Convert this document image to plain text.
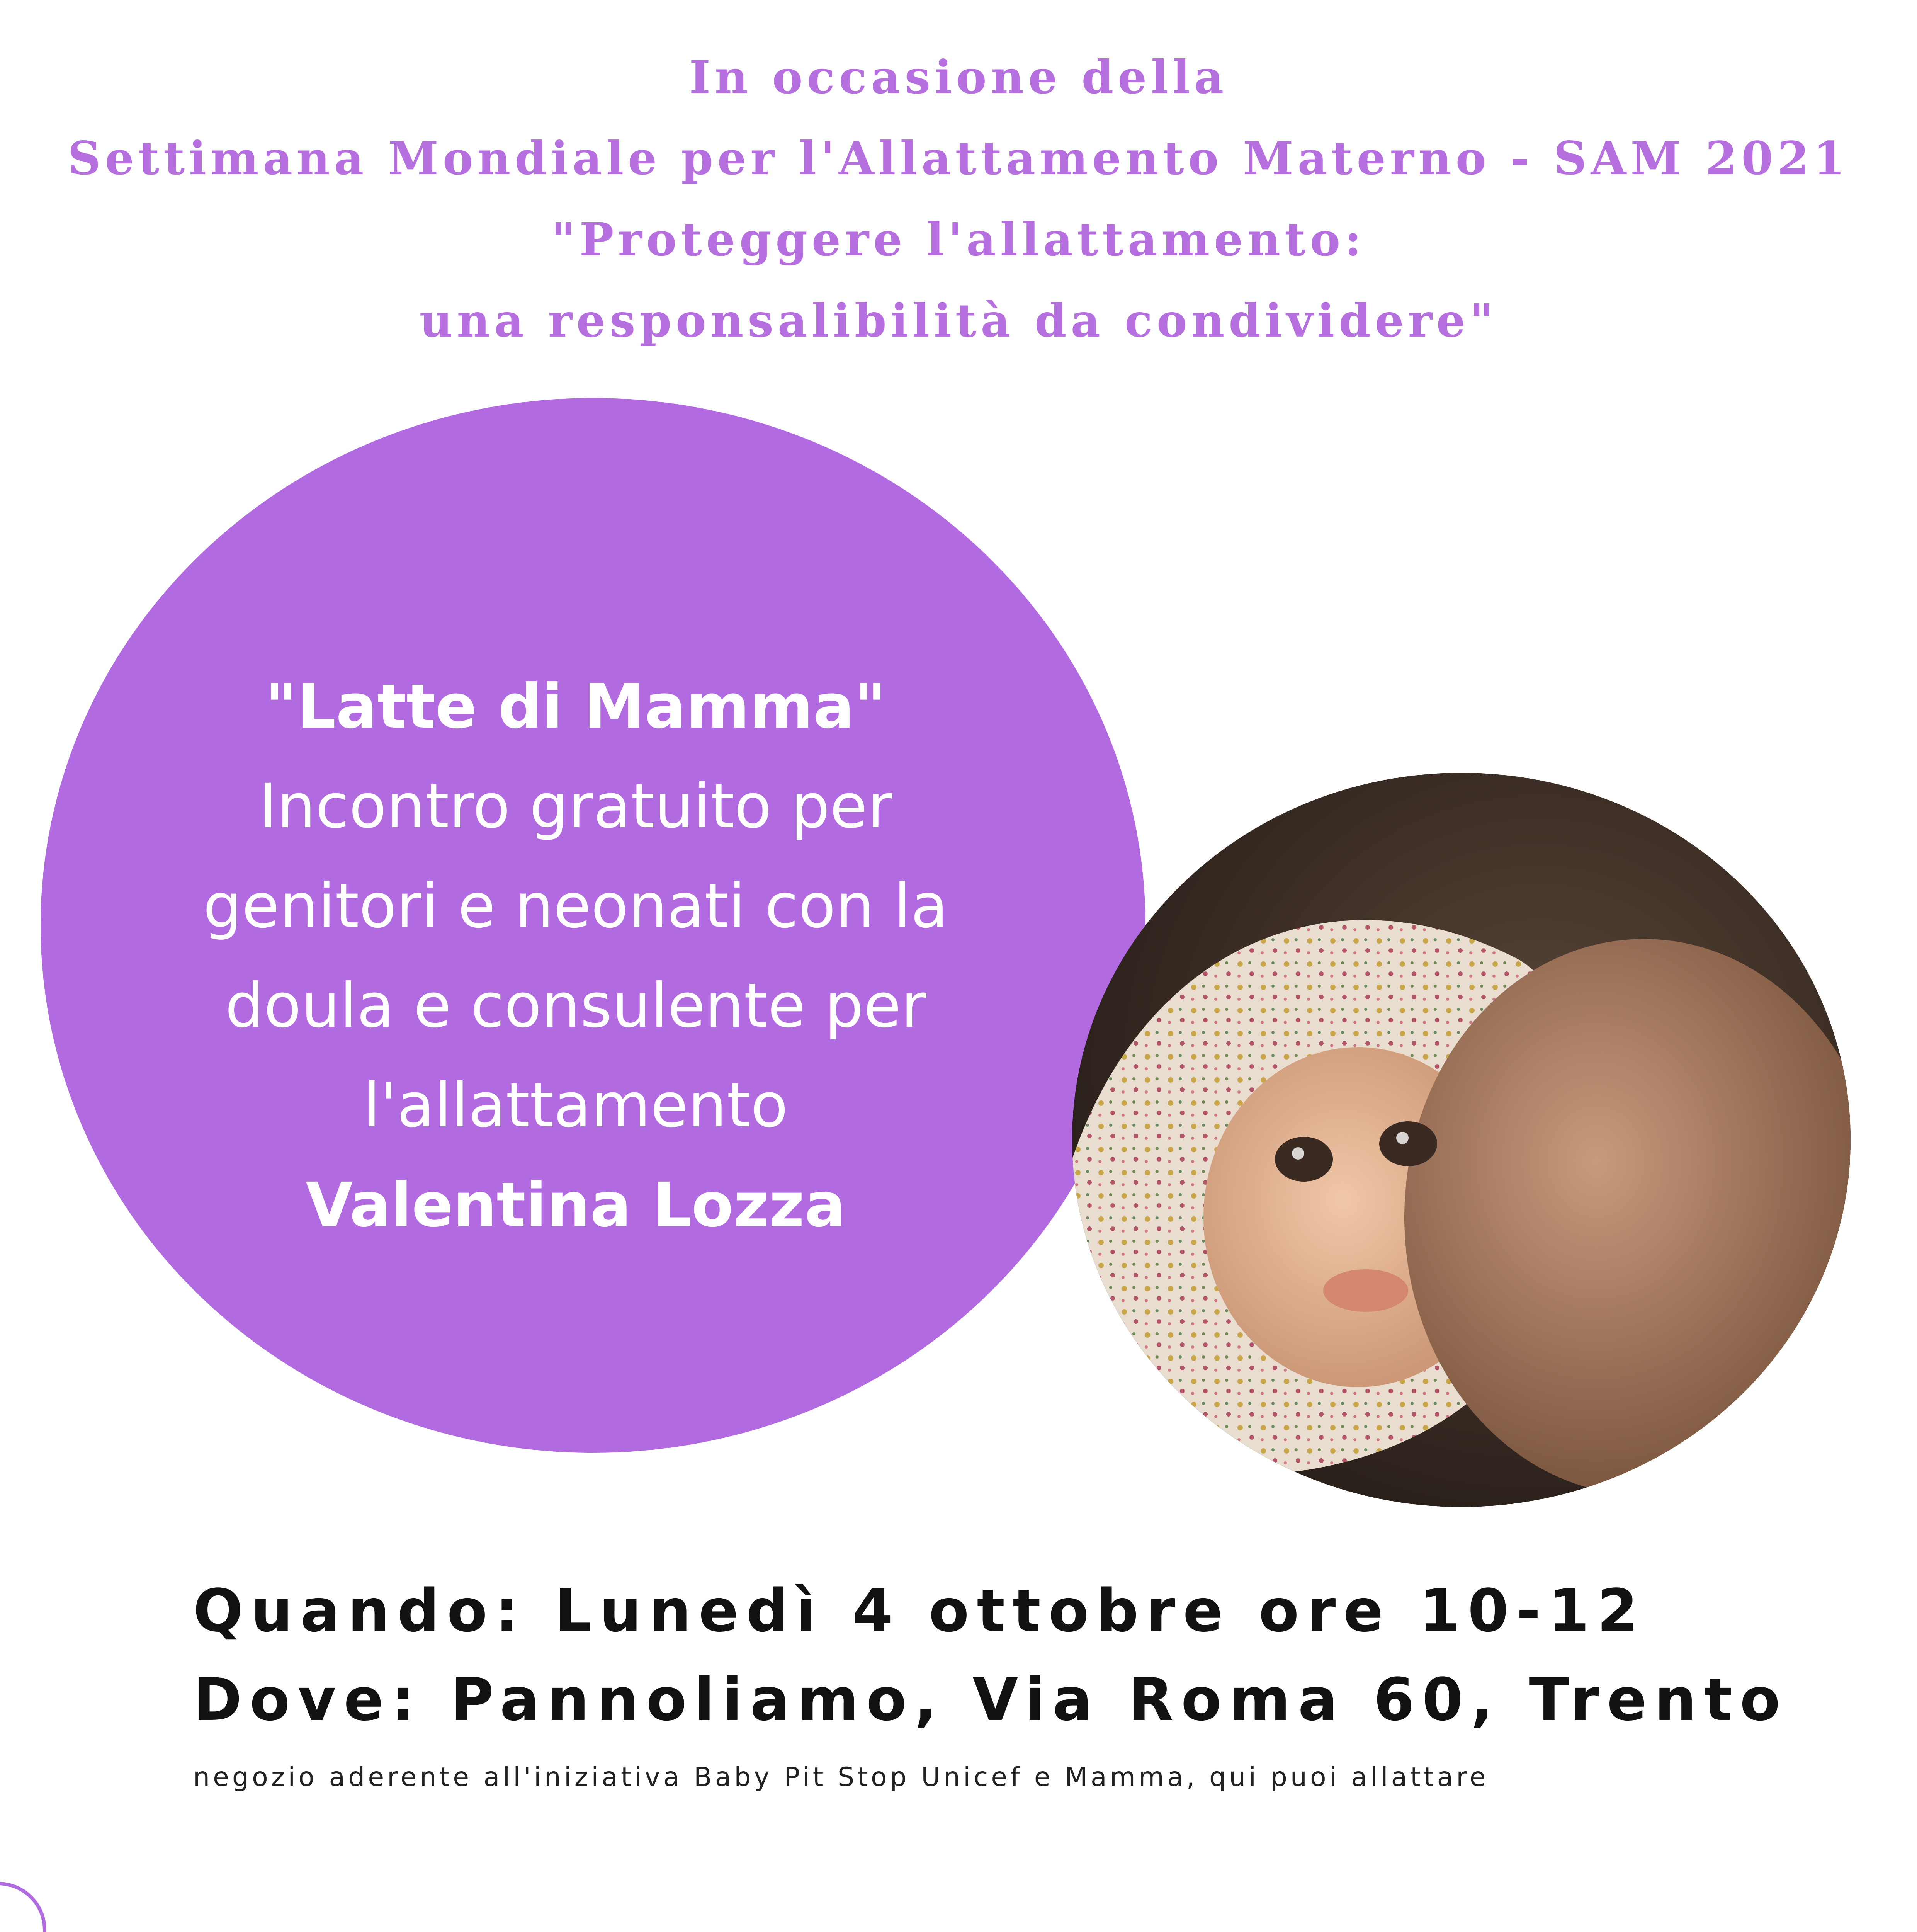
In occasione della
Settimana Mondiale per l'Allattamento Materno - SAM 2021
"Proteggere l'allattamento:
una responsalibilità da condividere"
"Latte di Mamma"
Incontro gratuito per
genitori e neonati con la
doula e consulente per
l'allattamento
Valentina Lozza
Quando: Lunedì 4 ottobre ore 10-12
Dove: Pannoliamo, Via Roma 60, Trento
negozio aderente all'iniziativa Baby Pit Stop Unicef e Mamma, qui puoi allattare
